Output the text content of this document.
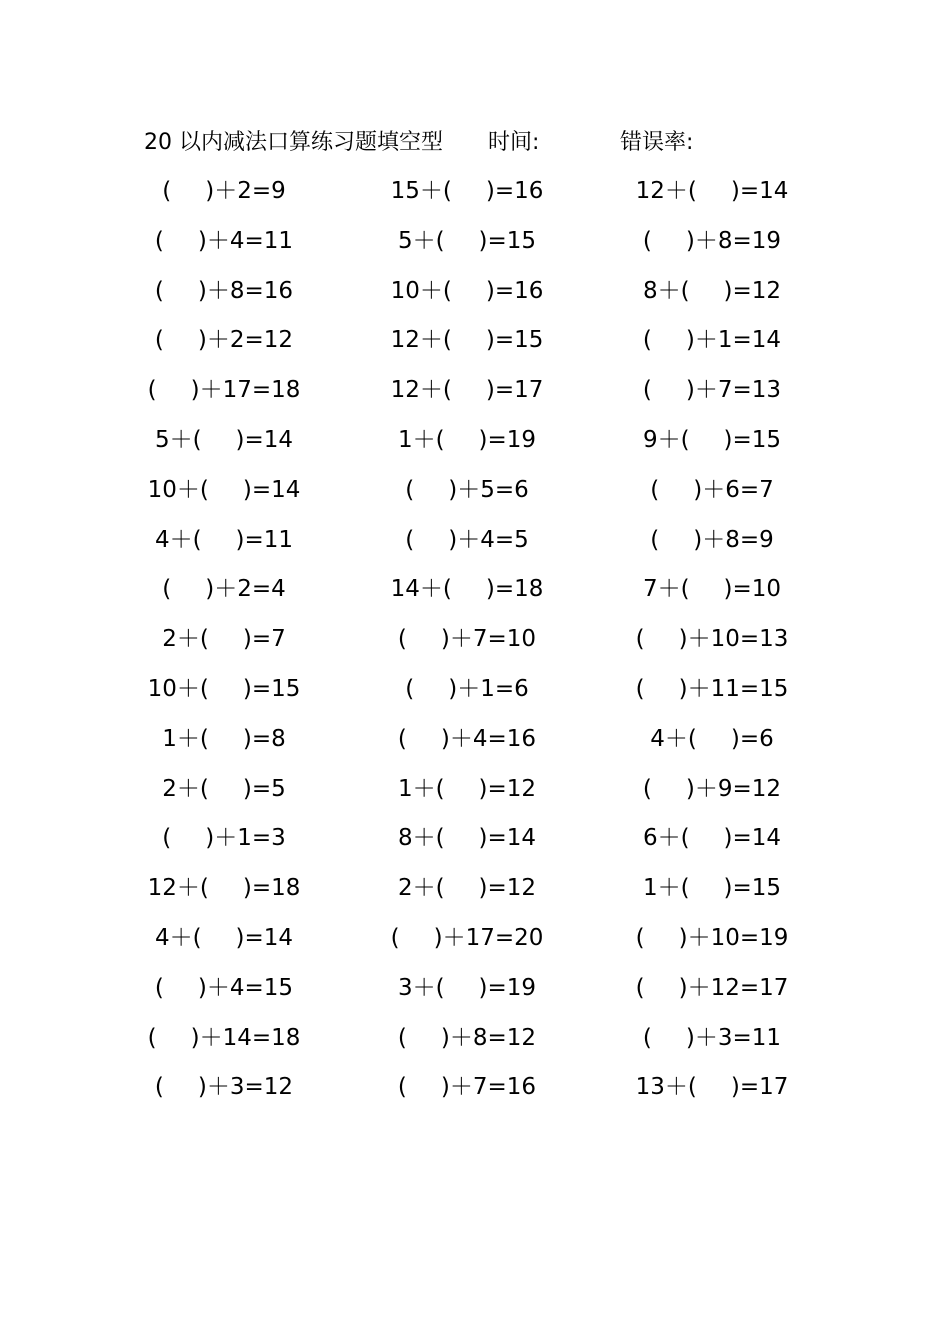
20 以内减法口算练习题填空型 时间:	错误率:
( )＋2=9	15＋( )=16	12＋( )=14
( )＋4=11	5＋( )=15	( )＋8=19
( )＋8=16	10＋( )=16	8＋( )=12
( )＋2=12	12＋( )=15	( )＋1=14
( )＋17=18	12＋( )=17	( )＋7=13
5＋( )=14	1＋( )=19	9＋( )=15
10＋( )=14	( )＋5=6	( )＋6=7
4＋( )=11	( )＋4=5	( )＋8=9
( )＋2=4	14＋( )=18	7＋( )=10
2＋( )=7	( )＋7=10	( )＋10=13
10＋( )=15	( )＋1=6	( )＋11=15
1＋( )=8	( )＋4=16	4＋( )=6
2＋( )=5	1＋( )=12	( )＋9=12
( )＋1=3	8＋( )=14	6＋( )=14
12＋( )=18	2＋( )=12	1＋( )=15
4＋( )=14	( )＋17=20	( )＋10=19
( )＋4=15	3＋( )=19	( )＋12=17
( )＋14=18	( )＋8=12	( )＋3=11
( )＋3=12	( )＋7=16	13＋( )=17
